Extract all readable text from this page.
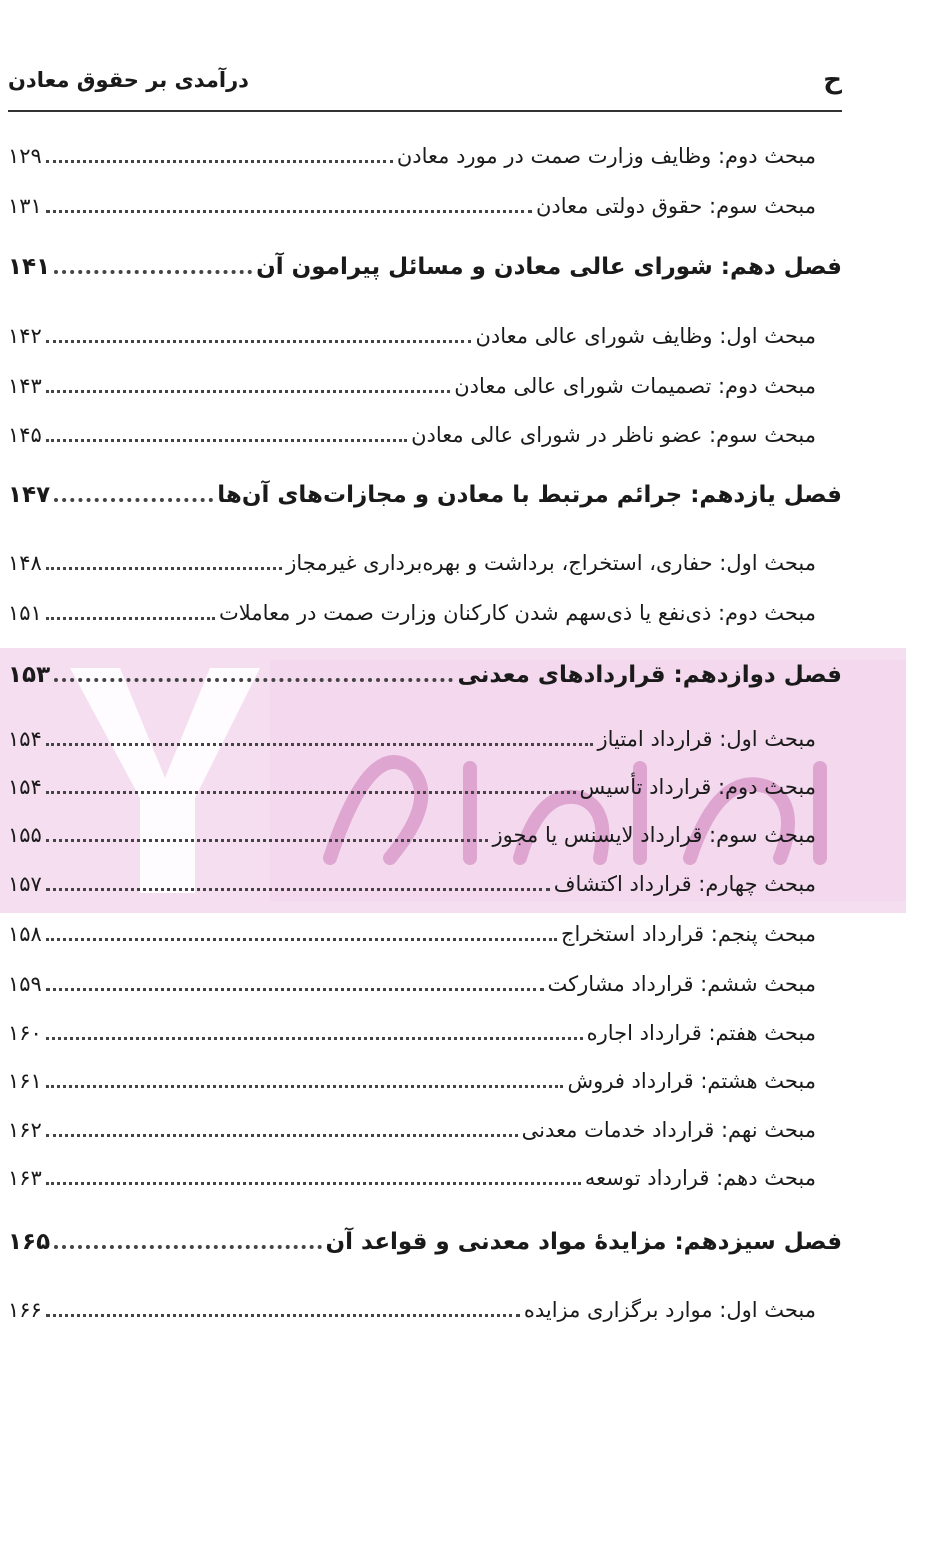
ح
درآمدی بر حقوق معادن
مبحث دوم: وظایف وزارت صمت در مورد معادن
۱۲۹
مبحث سوم: حقوق دولتی معادن
۱۳۱
فصل دهم: شورای عالی معادن و مسائل پیرامون آن
۱۴۱
مبحث اول: وظایف شورای عالی معادن
۱۴۲
مبحث دوم: تصمیمات شورای عالی معادن
۱۴۳
مبحث سوم: عضو ناظر در شورای عالی معادن
۱۴۵
فصل یازدهم: جرائم مرتبط با معادن و مجازات‌های آن‌ها
۱۴۷
مبحث اول: حفاری، استخراج، برداشت و بهره‌برداری غیرمجاز
۱۴۸
مبحث دوم: ذی‌نفع یا ذی‌سهم شدن کارکنان وزارت صمت در معاملات
۱۵۱
فصل دوازدهم: قراردادهای معدنی
۱۵۳
مبحث اول: قرارداد امتیاز
۱۵۴
مبحث دوم: قرارداد تأسیس
۱۵۴
مبحث سوم: قرارداد لایسنس یا مجوز
۱۵۵
مبحث چهارم: قرارداد اکتشاف
۱۵۷
مبحث پنجم: قرارداد استخراج
۱۵۸
مبحث ششم: قرارداد مشارکت
۱۵۹
مبحث هفتم: قرارداد اجاره
۱۶۰
مبحث هشتم: قرارداد فروش
۱۶۱
مبحث نهم: قرارداد خدمات معدنی
۱۶۲
مبحث دهم: قرارداد توسعه
۱۶۳
فصل سیزدهم: مزایدهٔ مواد معدنی و قواعد آن
۱۶۵
مبحث اول: موارد برگزاری مزایده
۱۶۶
